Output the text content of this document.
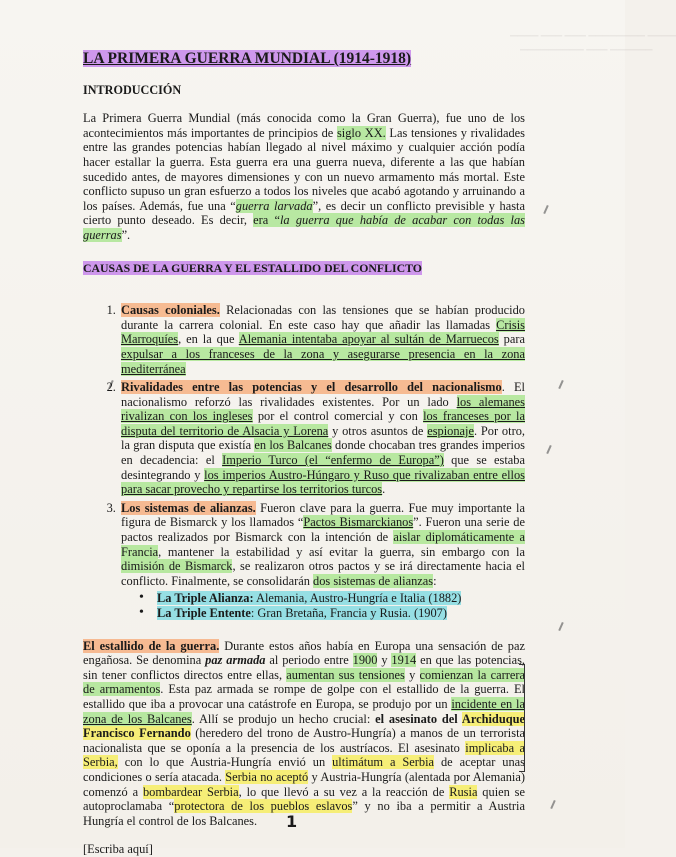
──── ──────── ─── ─── ────
────── ─── ─────────
LA PRIMERA GUERRA MUNDIAL (1914-1918)
INTRODUCCIÓN

La Primera Guerra Mundial (más conocida como la Gran Guerra), fue uno de los acontecimientos más importantes de principios de siglo XX. Las tensiones y rivalidades entre las grandes potencias habían llegado al nivel máximo y cualquier acción podía hacer estallar la guerra. Esta guerra era una guerra nueva, diferente a las que habían sucedido antes, de mayores dimensiones y con un nuevo armamento más mortal. Este conflicto supuso un gran esfuerzo a todos los niveles que acabó agotando y arruinando a los países. Además, fue una “guerra larvada”, es decir un conflicto previsible y hasta cierto punto deseado. Es decir, era “la guerra que había de acabar con todas las guerras”.

CAUSAS DE LA GUERRA Y EL ESTALLIDO DEL CONFLICTO
1. Causas coloniales. Relacionadas con las tensiones que se habían producido durante la carrera colonial. En este caso hay que añadir las llamadas Crisis Marroquíes, en la que Alemania intentaba apoyar al sultán de Marruecos para expulsar a los franceses de la zona y asegurarse presencia en la zona mediterránea
2. Rivalidades entre las potencias y el desarrollo del nacionalismo. El nacionalismo reforzó las rivalidades existentes. Por un lado los alemanes rivalizan con los ingleses por el control comercial y con los franceses por la disputa del territorio de Alsacia y Lorena y otros asuntos de espionaje. Por otro, la gran disputa que existía en los Balcanes donde chocaban tres grandes imperios en decadencia: el Imperio Turco (el “enfermo de Europa”) que se estaba desintegrando y los imperios Austro-Húngaro y Ruso que rivalizaban entre ellos para sacar provecho y repartirse los territorios turcos.
3. Los sistemas de alianzas. Fueron clave para la guerra. Fue muy importante la figura de Bismarck y los llamados “Pactos Bismarckianos”. Fueron una serie de pactos realizados por Bismarck con la intención de aislar diplomáticamente a Francia, mantener la estabilidad y así evitar la guerra, sin embargo con la dimisión de Bismarck, se realizaron otros pactos y se irá directamente hacia el conflicto. Finalmente, se consolidarán dos sistemas de alianzas:
• La Triple Alianza: Alemania, Austro-Hungría e Italia (1882)
• La Triple Entente: Gran Bretaña, Francia y Rusia. (1907)

El estallido de la guerra. Durante estos años había en Europa una sensación de paz engañosa. Se denomina paz armada al periodo entre 1900 y 1914 en que las potencias, sin tener conflictos directos entre ellas, aumentan sus tensiones y comienzan la carrera de armamentos. Esta paz armada se rompe de golpe con el estallido de la guerra. El estallido que iba a provocar una catástrofe en Europa, se produjo por un incidente en la zona de los Balcanes. Allí se produjo un hecho crucial: el asesinato del Archiduque Francisco Fernando (heredero del trono de Austro-Hungría) a manos de un terrorista nacionalista que se oponía a la presencia de los austríacos. El asesinato implicaba a Serbia, con lo que Austria-Hungría envió un ultimátum a Serbia de aceptar unas condiciones o sería atacada. Serbia no aceptó y Austria-Hungría (alentada por Alemania) comenzó a bombardear Serbia, lo que llevó a su vez a la reacción de Rusia quien se autoproclamaba “protectora de los pueblos eslavos” y no iba a permitir a Austria Hungría el control de los Balcanes.

[Escriba aquí]

1
